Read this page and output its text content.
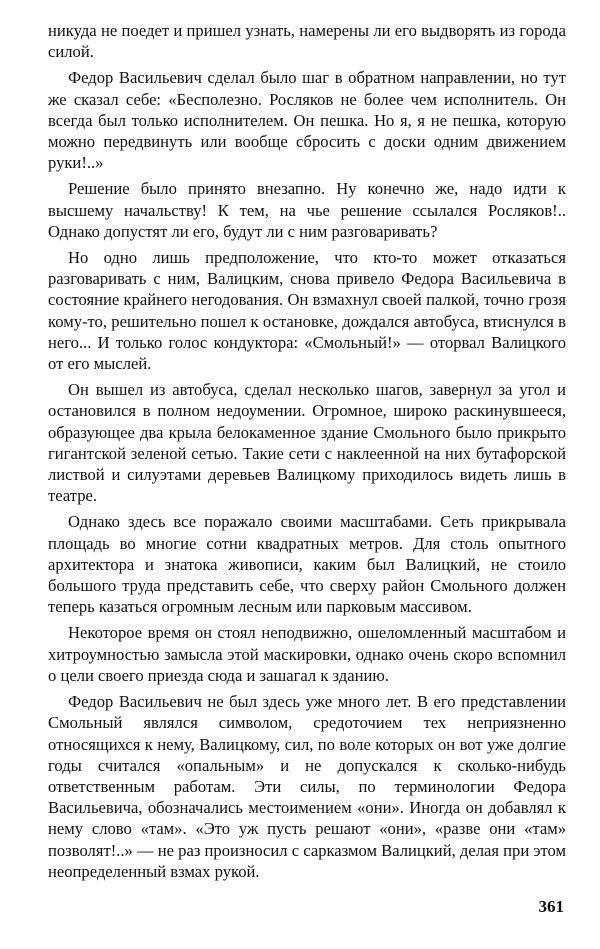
никуда не поедет и пришел узнать, намерены ли его выдворять из города силой.

Федор Васильевич сделал было шаг в обратном направлении, но тут же сказал себе: «Бесполезно. Росляков не более чем исполнитель. Он всегда был только исполнителем. Он пешка. Но я, я не пешка, которую можно передвинуть или вообще сбросить с доски одним движением руки!..»

Решение было принято внезапно. Ну конечно же, надо идти к высшему начальству! К тем, на чье решение ссылался Росляков!.. Однако допустят ли его, будут ли с ним разговаривать?

Но одно лишь предположение, что кто-то может отказаться разговаривать с ним, Валицким, снова привело Федора Васильевича в состояние крайнего негодования. Он взмахнул своей палкой, точно грозя кому-то, решительно пошел к остановке, дождался автобуса, втиснулся в него... И только голос кондуктора: «Смольный!» — оторвал Валицкого от его мыслей.

Он вышел из автобуса, сделал несколько шагов, завернул за угол и остановился в полном недоумении. Огромное, широко раскинувшееся, образующее два крыла белокаменное здание Смольного было прикрыто гигантской зеленой сетью. Такие сети с наклеенной на них бутафорской листвой и силуэтами деревьев Валицкому приходилось видеть лишь в театре.

Однако здесь все поражало своими масштабами. Сеть прикрывала площадь во многие сотни квадратных метров. Для столь опытного архитектора и знатока живописи, каким был Валицкий, не стоило большого труда представить себе, что сверху район Смольного должен теперь казаться огромным лесным или парковым массивом.

Некоторое время он стоял неподвижно, ошеломленный масштабом и хитроумностью замысла этой маскировки, однако очень скоро вспомнил о цели своего приезда сюда и зашагал к зданию.

Федор Васильевич не был здесь уже много лет. В его представлении Смольный являлся символом, средоточием тех неприязненно относящихся к нему, Валицкому, сил, по воле которых он вот уже долгие годы считался «опальным» и не допускался к сколько-нибудь ответственным работам. Эти силы, по терминологии Федора Васильевича, обозначались местоимением «они». Иногда он добавлял к нему слово «там». «Это уж пусть решают «они», «разве они «там» позволят!..» — не раз произносил с сарказмом Валицкий, делая при этом неопределенный взмах рукой.

361
